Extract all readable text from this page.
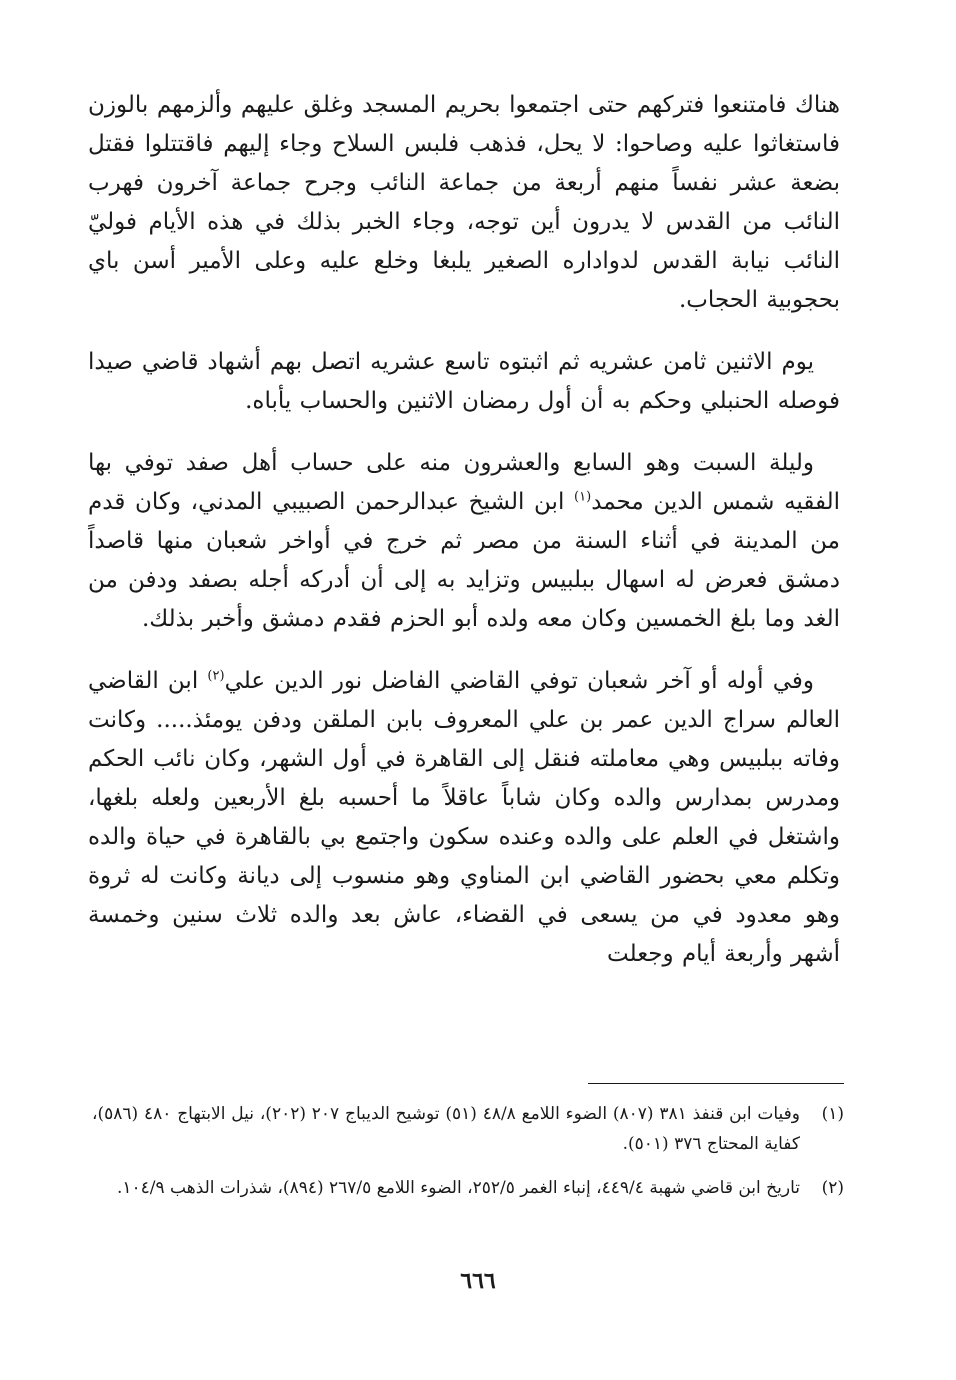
هناك فامتنعوا فتركهم حتى اجتمعوا بحريم المسجد وغلق عليهم وألزمهم بالوزن فاستغاثوا عليه وصاحوا: لا يحل، فذهب فلبس السلاح وجاء إليهم فاقتتلوا فقتل بضعة عشر نفساً منهم أربعة من جماعة النائب وجرح جماعة آخرون فهرب النائب من القدس لا يدرون أين توجه، وجاء الخبر بذلك في هذه الأيام فوليّ النائب نيابة القدس لدواداره الصغير يلبغا وخلع عليه وعلى الأمير أسن باي بحجوبية الحجاب.

يوم الاثنين ثامن عشريه ثم اثبتوه تاسع عشريه اتصل بهم أشهاد قاضي صيدا فوصله الحنبلي وحكم به أن أول رمضان الاثنين والحساب يأباه.

وليلة السبت وهو السابع والعشرون منه على حساب أهل صفد توفي بها الفقيه شمس الدين محمد$^{(١)}$ ابن الشيخ عبدالرحمن الصبيبي المدني، وكان قدم من المدينة في أثناء السنة من مصر ثم خرج في أواخر شعبان منها قاصداً دمشق فعرض له اسهال ببلبيس وتزايد به إلى أن أدركه أجله بصفد ودفن من الغد وما بلغ الخمسين وكان معه ولده أبو الحزم فقدم دمشق وأخبر بذلك.

وفي أوله أو آخر شعبان توفي القاضي الفاضل نور الدين علي$^{(٢)}$ ابن القاضي العالم سراج الدين عمر بن علي المعروف بابن الملقن ودفن يومئذ..... وكانت وفاته ببلبيس وهي معاملته فنقل إلى القاهرة في أول الشهر، وكان نائب الحكم ومدرس بمدارس والده وكان شاباً عاقلاً ما أحسبه بلغ الأربعين ولعله بلغها، واشتغل في العلم على والده وعنده سكون واجتمع بي بالقاهرة في حياة والده وتكلم معي بحضور القاضي ابن المناوي وهو منسوب إلى ديانة وكانت له ثروة وهو معدود في من يسعى في القضاء، عاش بعد والده ثلاث سنين وخمسة أشهر وأربعة أيام وجعلت

(١)
وفيات ابن قنفذ ٣٨١ (٨٠٧) الضوء اللامع ٤٨/٨ (٥١) توشيح الديباج ٢٠٧ (٢٠٢)، نيل الابتهاج ٤٨٠ (٥٨٦)، كفاية المحتاج ٣٧٦ (٥٠١).
(٢)
تاريخ ابن قاضي شهبة ٤٤٩/٤، إنباء الغمر ٢٥٢/٥، الضوء اللامع ٢٦٧/٥ (٨٩٤)، شذرات الذهب ١٠٤/٩.
٦٦٦
